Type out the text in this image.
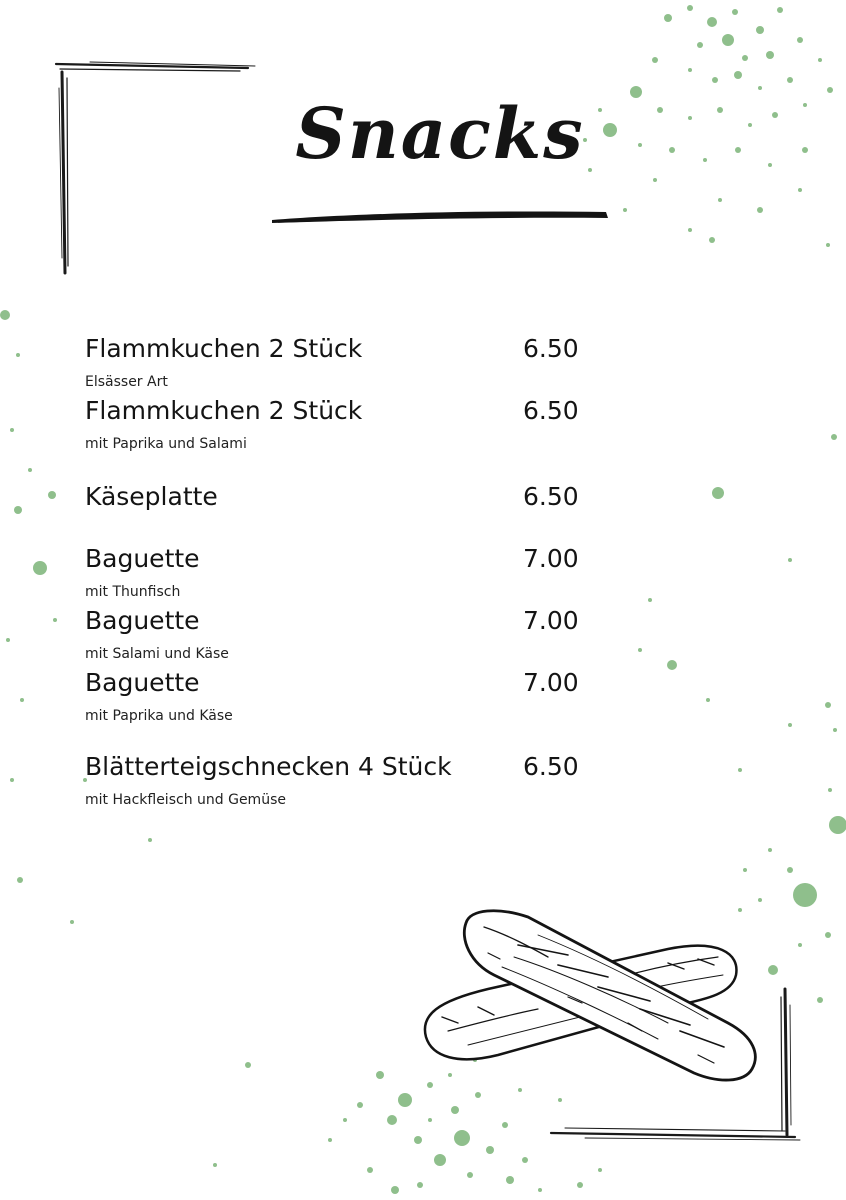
Snacks
Flammkuchen 2 Stück	6.50
Elsässer Art
Flammkuchen 2 Stück	6.50
mit Paprika und Salami
Käseplatte	6.50
Baguette	7.00
mit Thunfisch
Baguette	7.00
mit Salami und Käse
Baguette	7.00
mit Paprika und Käse
Blätterteigschnecken 4 Stück	6.50
mit Hackfleisch und Gemüse
